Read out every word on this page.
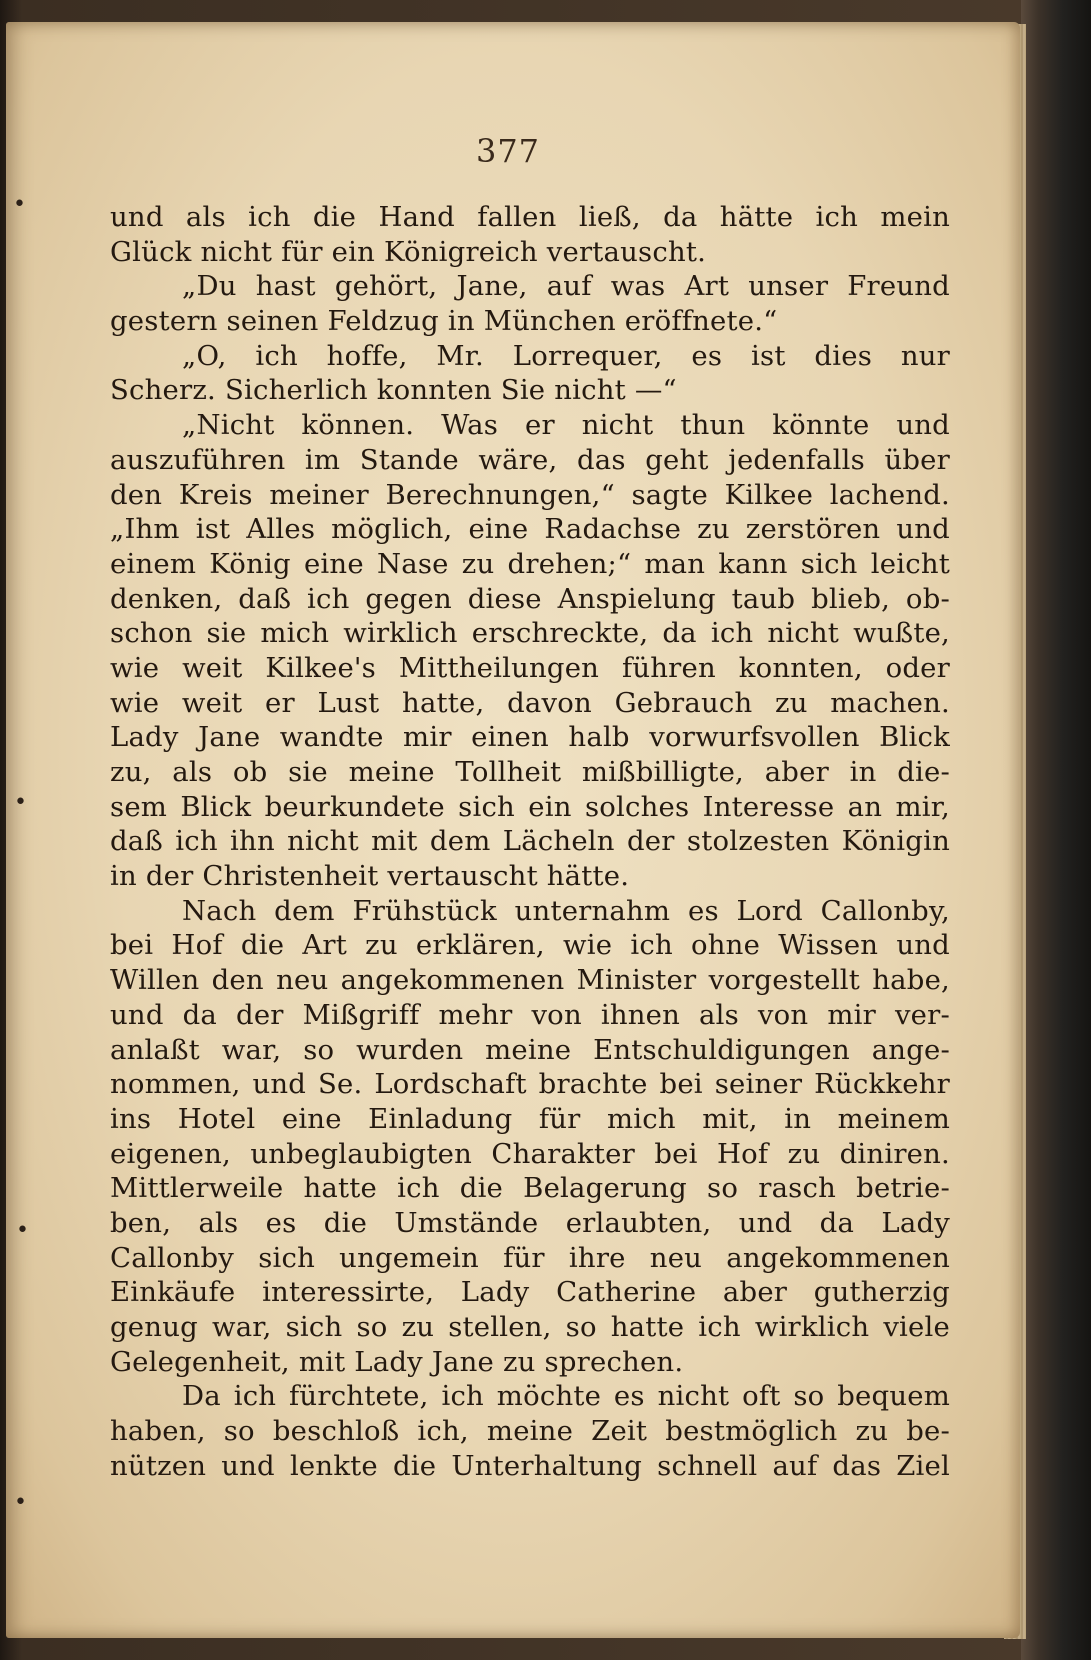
377
und als ich die Hand fallen ließ, da hätte ich mein
Glück nicht für ein Königreich vertauscht.
„Du hast gehört, Jane, auf was Art unser Freund
gestern seinen Feldzug in München eröffnete.“
„O, ich hoffe, Mr. Lorrequer, es ist dies nur
Scherz. Sicherlich konnten Sie nicht —“
„Nicht können. Was er nicht thun könnte und
auszuführen im Stande wäre, das geht jedenfalls über
den Kreis meiner Berechnungen,“ sagte Kilkee lachend.
„Ihm ist Alles möglich, eine Radachse zu zerstören und
einem König eine Nase zu drehen;“ man kann sich leicht
denken, daß ich gegen diese Anspielung taub blieb, ob-
schon sie mich wirklich erschreckte, da ich nicht wußte,
wie weit Kilkee's Mittheilungen führen konnten, oder
wie weit er Lust hatte, davon Gebrauch zu machen.
Lady Jane wandte mir einen halb vorwurfsvollen Blick
zu, als ob sie meine Tollheit mißbilligte, aber in die-
sem Blick beurkundete sich ein solches Interesse an mir,
daß ich ihn nicht mit dem Lächeln der stolzesten Königin
in der Christenheit vertauscht hätte.
Nach dem Frühstück unternahm es Lord Callonby,
bei Hof die Art zu erklären, wie ich ohne Wissen und
Willen den neu angekommenen Minister vorgestellt habe,
und da der Mißgriff mehr von ihnen als von mir ver-
anlaßt war, so wurden meine Entschuldigungen ange-
nommen, und Se. Lordschaft brachte bei seiner Rückkehr
ins Hotel eine Einladung für mich mit, in meinem
eigenen, unbeglaubigten Charakter bei Hof zu diniren.
Mittlerweile hatte ich die Belagerung so rasch betrie-
ben, als es die Umstände erlaubten, und da Lady
Callonby sich ungemein für ihre neu angekommenen
Einkäufe interessirte, Lady Catherine aber gutherzig
genug war, sich so zu stellen, so hatte ich wirklich viele
Gelegenheit, mit Lady Jane zu sprechen.
Da ich fürchtete, ich möchte es nicht oft so bequem
haben, so beschloß ich, meine Zeit bestmöglich zu be-
nützen und lenkte die Unterhaltung schnell auf das Ziel
•
•
•
•
